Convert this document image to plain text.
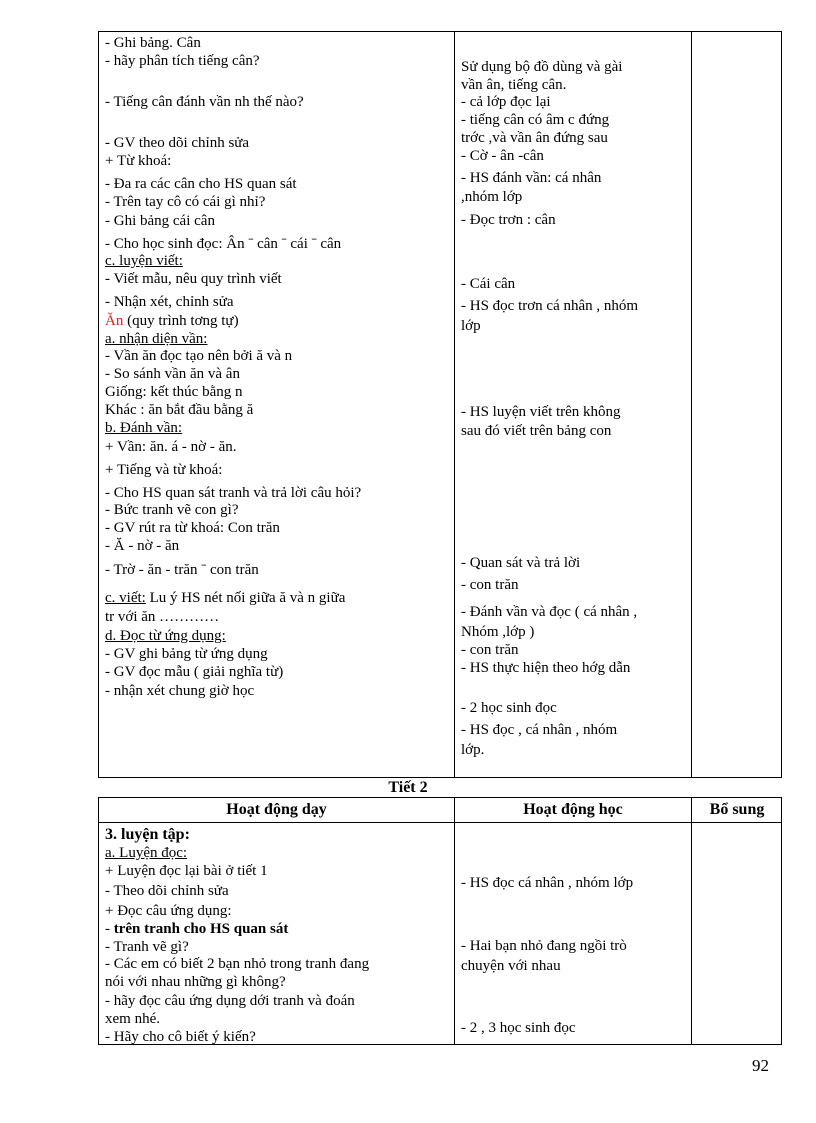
- Ghi bảng. Cân
- hãy phân tích tiếng cân?
- Tiếng cân đánh vần nh thế nào?
- GV theo dõi chỉnh sửa
+ Từ khoá:
- Đa ra các cân cho HS quan sát
- Trên tay cô có cái gì nhỉ?
- Ghi bảng cái cân
- Cho học sinh đọc: Ân ˉ cân ˉ cái ˉ cân
c. luyện viết:
- Viết mẫu, nêu quy trình viết
- Nhận xét, chỉnh sửa
Ăn (quy trình tơng tự)
a. nhận diện vần:
- Vần ăn đọc tạo nên bởi ă và n
- So sánh vần ăn và ân
Giống: kết thúc bằng n
Khác : ăn bắt đầu bằng ă
b. Đánh vần:
+ Vần: ăn. á - nờ - ăn.
+ Tiếng và từ khoá:
- Cho HS quan sát tranh và trả lời câu hỏi?
- Bức tranh vẽ con gì?
- GV rút ra từ khoá: Con trăn
- Ă - nờ - ăn
- Trờ - ăn - trăn ˉ con trăn
c. viết: Lu ý HS nét nối giữa ă và n giữa
tr với ăn …………
d. Đọc từ ứng dụng:
- GV ghi bảng từ ứng dụng
- GV đọc mẫu ( giải nghĩa từ)
- nhận xét chung giờ học
Sử dụng bộ đồ dùng và gài
vần ân, tiếng cân.
- cả lớp đọc lại
- tiếng cân có âm c đứng
trớc ,và vần ân đứng sau
- Cờ - ân -cân
- HS đánh vần: cá nhân
,nhóm lớp
- Đọc trơn : cân
- Cái cân
- HS đọc trơn cá nhân , nhóm
lớp
- HS luyện viết trên không
sau đó viết trên bảng con
- Quan sát và trả lời
- con trăn
- Đánh vần và đọc ( cá nhân ,
Nhóm ,lớp )
- con trăn
- HS thực hiện theo hớg dẫn
- 2 học sinh đọc
- HS đọc , cá nhân , nhóm
lớp.
Tiết 2
Hoạt động dạy	Hoạt động học	Bổ sung
3. luyện tập:
a. Luyện đọc:
+ Luyện đọc lại bài ở tiết 1
- Theo dõi chỉnh sửa
+ Đọc câu ứng dụng:
- trên tranh cho HS quan sát
- Tranh vẽ gì?
- Các em có biết 2 bạn nhỏ trong tranh đang
nói với nhau những gì không?
- hãy đọc câu ứng dụng dới tranh và đoán
xem nhé.
- Hãy cho cô biết ý kiến?
- HS đọc cá nhân , nhóm lớp
- Hai bạn nhỏ đang ngồi trò
chuyện với nhau
- 2 , 3 học sinh đọc
92
